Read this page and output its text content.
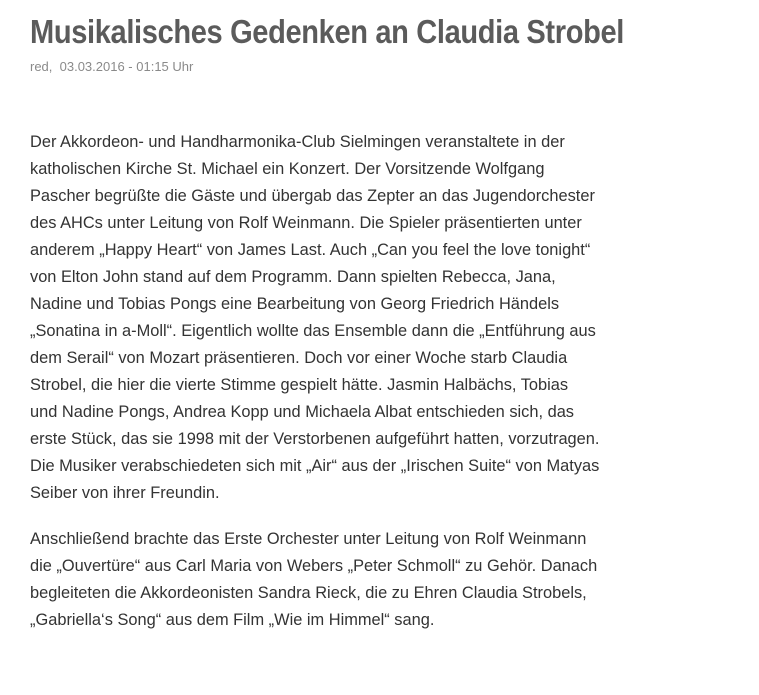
Musikalisches Gedenken an Claudia Strobel
red,  03.03.2016 - 01:15 Uhr

Der Akkordeon- und Handharmonika-Club Sielmingen veranstaltete in der katholischen Kirche St. Michael ein Konzert. Der Vorsitzende Wolfgang Pascher begrüßte die Gäste und übergab das Zepter an das Jugendorchester des AHCs unter Leitung von Rolf Weinmann. Die Spieler präsentierten unter anderem „Happy Heart“ von James Last. Auch „Can you feel the love tonight“ von Elton John stand auf dem Programm. Dann spielten Rebecca, Jana, Nadine und Tobias Pongs eine Bearbeitung von Georg Friedrich Händels „Sonatina in a-Moll“. Eigentlich wollte das Ensemble dann die „Entführung aus dem Serail“ von Mozart präsentieren. Doch vor einer Woche starb Claudia Strobel, die hier die vierte Stimme gespielt hätte. Jasmin Halbächs, Tobias und Nadine Pongs, Andrea Kopp und Michaela Albat entschieden sich, das erste Stück, das sie 1998 mit der Verstorbenen aufgeführt hatten, vorzutragen. Die Musiker verabschiedeten sich mit „Air“ aus der „Irischen Suite“ von Matyas Seiber von ihrer Freundin.

Anschließend brachte das Erste Orchester unter Leitung von Rolf Weinmann die „Ouvertüre“ aus Carl Maria von Webers „Peter Schmoll“ zu Gehör. Danach begleiteten die Akkordeonisten Sandra Rieck, die zu Ehren Claudia Strobels, „Gabriella‘s Song“ aus dem Film „Wie im Himmel“ sang.
